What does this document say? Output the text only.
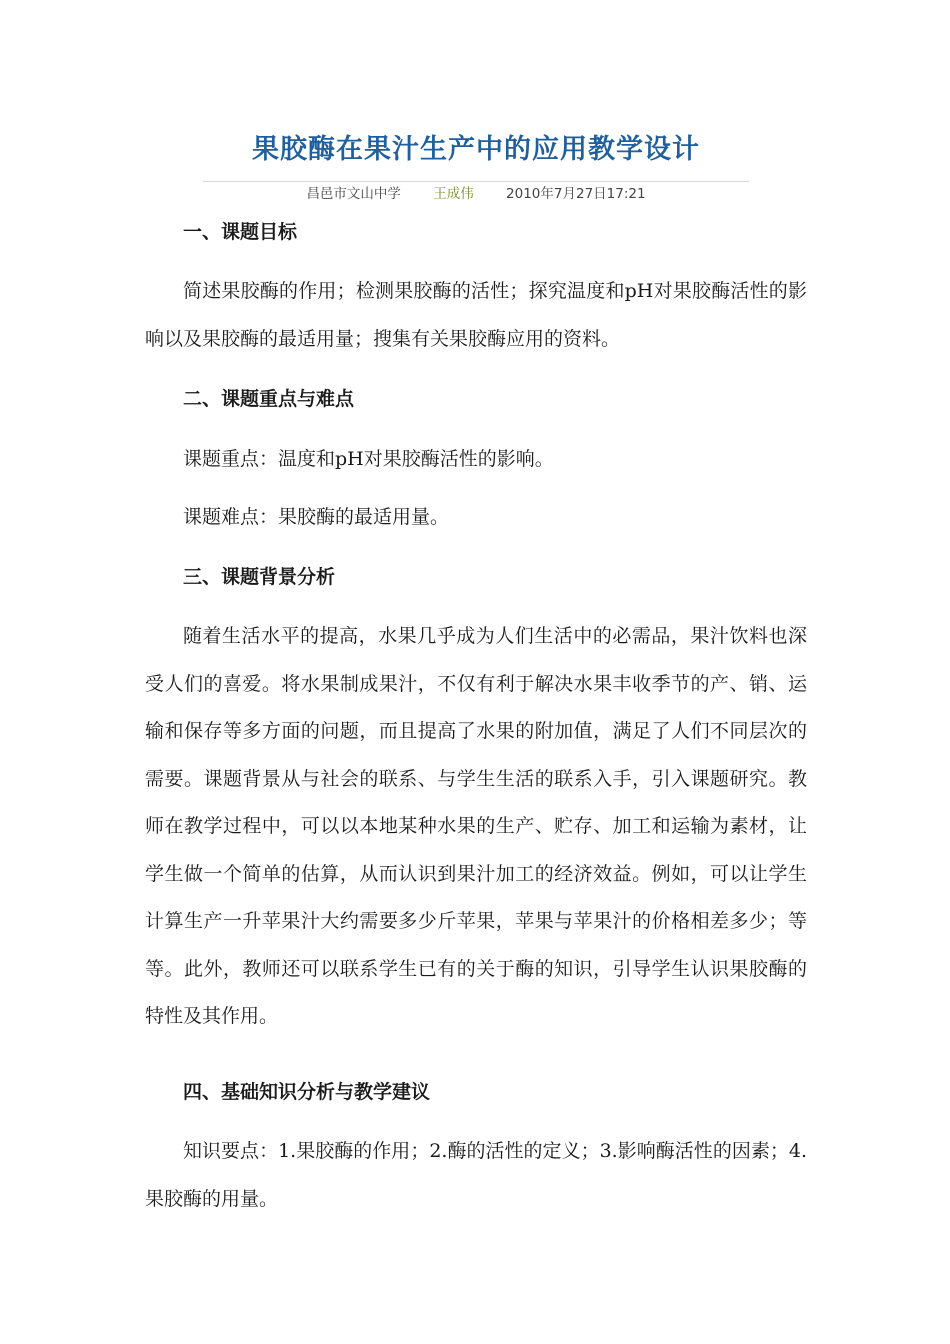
果胶酶在果汁生产中的应用教学设计
昌邑市文山中学 王成伟 2010年7月27日17:21
一、课题目标

简述果胶酶的作用；检测果胶酶的活性；探究温度和pH对果胶酶活性的影响以及果胶酶的最适用量；搜集有关果胶酶应用的资料。

二、课题重点与难点

课题重点：温度和pH对果胶酶活性的影响。

课题难点：果胶酶的最适用量。

三、课题背景分析

随着生活水平的提高，水果几乎成为人们生活中的必需品，果汁饮料也深受人们的喜爱。将水果制成果汁，不仅有利于解决水果丰收季节的产、销、运输和保存等多方面的问题，而且提高了水果的附加值，满足了人们不同层次的需要。课题背景从与社会的联系、与学生生活的联系入手，引入课题研究。教师在教学过程中，可以以本地某种水果的生产、贮存、加工和运输为素材，让学生做一个简单的估算，从而认识到果汁加工的经济效益。例如，可以让学生计算生产一升苹果汁大约需要多少斤苹果，苹果与苹果汁的价格相差多少；等等。此外，教师还可以联系学生已有的关于酶的知识，引导学生认识果胶酶的特性及其作用。

四、基础知识分析与教学建议

知识要点：1.果胶酶的作用；2.酶的活性的定义；3.影响酶活性的因素；4.果胶酶的用量。
